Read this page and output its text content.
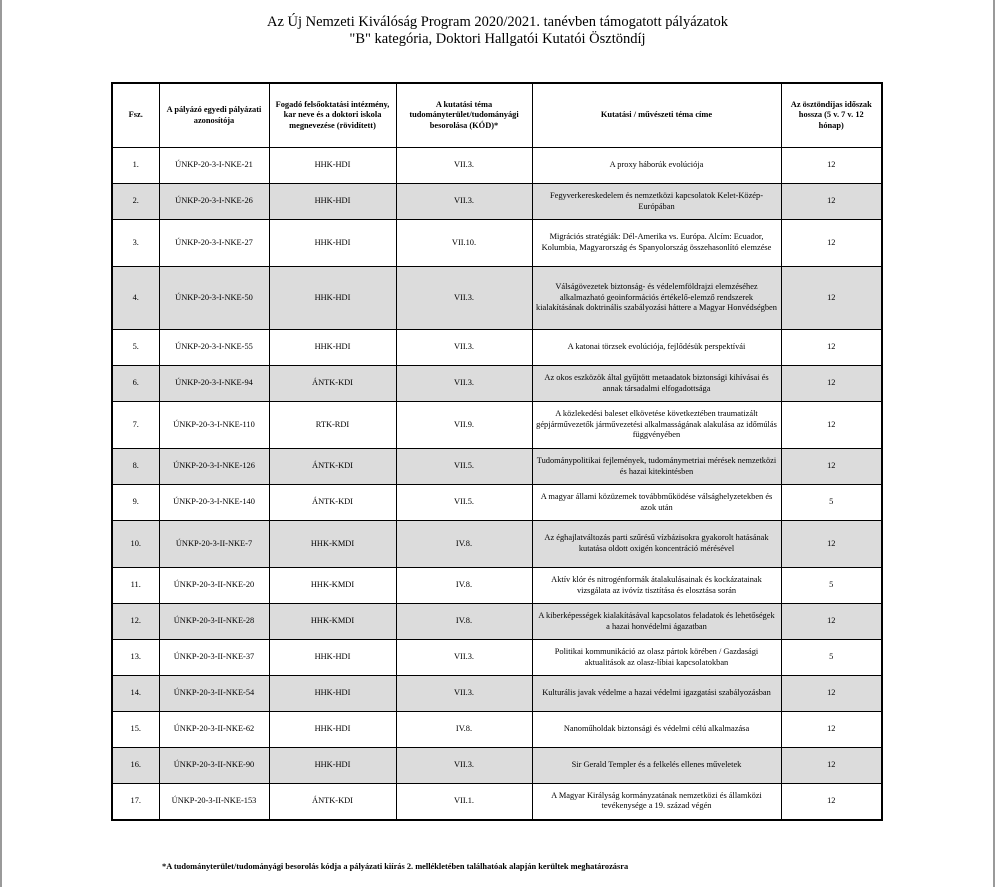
Az Új Nemzeti Kiválóság Program 2020/2021. tanévben támogatott pályázatok
"B" kategória, Doktori Hallgatói Kutatói Ösztöndíj
Fsz.	A pályázó egyedi pályázati azonosítója	Fogadó felsőoktatási intézmény, kar neve és a doktori iskola megnevezése (rövidített)	A kutatási téma tudományterület/tudományági besorolása (KÓD)*	Kutatási / művészeti téma címe	Az ösztöndíjas időszak hossza (5 v. 7 v. 12 hónap)
1.	ÚNKP-20-3-I-NKE-21	HHK-HDI	VII.3.	A proxy háborúk evolúciója	12
2.	ÚNKP-20-3-I-NKE-26	HHK-HDI	VII.3.	Fegyverkereskedelem és nemzetközi kapcsolatok Kelet-Közép-Európában	12
3.	ÚNKP-20-3-I-NKE-27	HHK-HDI	VII.10.	Migrációs stratégiák: Dél-Amerika vs. Európa. Alcím: Ecuador, Kolumbia, Magyarország és Spanyolország összehasonlító elemzése	12
4.	ÚNKP-20-3-I-NKE-50	HHK-HDI	VII.3.	Válságövezetek biztonság- és védelemföldrajzi elemzéséhez alkalmazható geoinformációs értékelő-elemző rendszerek kialakításának doktrinális szabályozási háttere a Magyar Honvédségben	12
5.	ÚNKP-20-3-I-NKE-55	HHK-HDI	VII.3.	A katonai törzsek evolúciója, fejlődésük perspektívái	12
6.	ÚNKP-20-3-I-NKE-94	ÁNTK-KDI	VII.3.	Az okos eszközök által gyűjtött metaadatok biztonsági kihívásai és annak társadalmi elfogadottsága	12
7.	ÚNKP-20-3-I-NKE-110	RTK-RDI	VII.9.	A közlekedési baleset elkövetése következtében traumatizált gépjárművezetők járművezetési alkalmasságának alakulása az időmúlás függvényében	12
8.	ÚNKP-20-3-I-NKE-126	ÁNTK-KDI	VII.5.	Tudománypolitikai fejlemények, tudománymetriai mérések nemzetközi és hazai kitekintésben	12
9.	ÚNKP-20-3-I-NKE-140	ÁNTK-KDI	VII.5.	A magyar állami közüzemek továbbműködése válsághelyzetekben és azok után	5
10.	ÚNKP-20-3-II-NKE-7	HHK-KMDI	IV.8.	Az éghajlatváltozás parti szűrésű vízbázisokra gyakorolt hatásának kutatása oldott oxigén koncentráció mérésével	12
11.	ÚNKP-20-3-II-NKE-20	HHK-KMDI	IV.8.	Aktív klór és nitrogénformák átalakulásainak és kockázatainak vizsgálata az ivóvíz tisztítása és elosztása során	5
12.	ÚNKP-20-3-II-NKE-28	HHK-KMDI	IV.8.	A kiberképességek kialakításával kapcsolatos feladatok és lehetőségek a hazai honvédelmi ágazatban	12
13.	ÚNKP-20-3-II-NKE-37	HHK-HDI	VII.3.	Politikai kommunikáció az olasz pártok körében / Gazdasági aktualitások az olasz-líbiai kapcsolatokban	5
14.	ÚNKP-20-3-II-NKE-54	HHK-HDI	VII.3.	Kulturális javak védelme a hazai védelmi igazgatási szabályozásban	12
15.	ÚNKP-20-3-II-NKE-62	HHK-HDI	IV.8.	Nanoműholdak biztonsági és védelmi célú alkalmazása	12
16.	ÚNKP-20-3-II-NKE-90	HHK-HDI	VII.3.	Sir Gerald Templer és a felkelés ellenes műveletek	12
17.	ÚNKP-20-3-II-NKE-153	ÁNTK-KDI	VII.1.	A Magyar Királyság kormányzatának nemzetközi és államközi tevékenysége a 19. század végén	12
*A tudományterület/tudományági besorolás kódja a pályázati kiírás 2. mellékletében találhatóak alapján kerültek meghatározásra
